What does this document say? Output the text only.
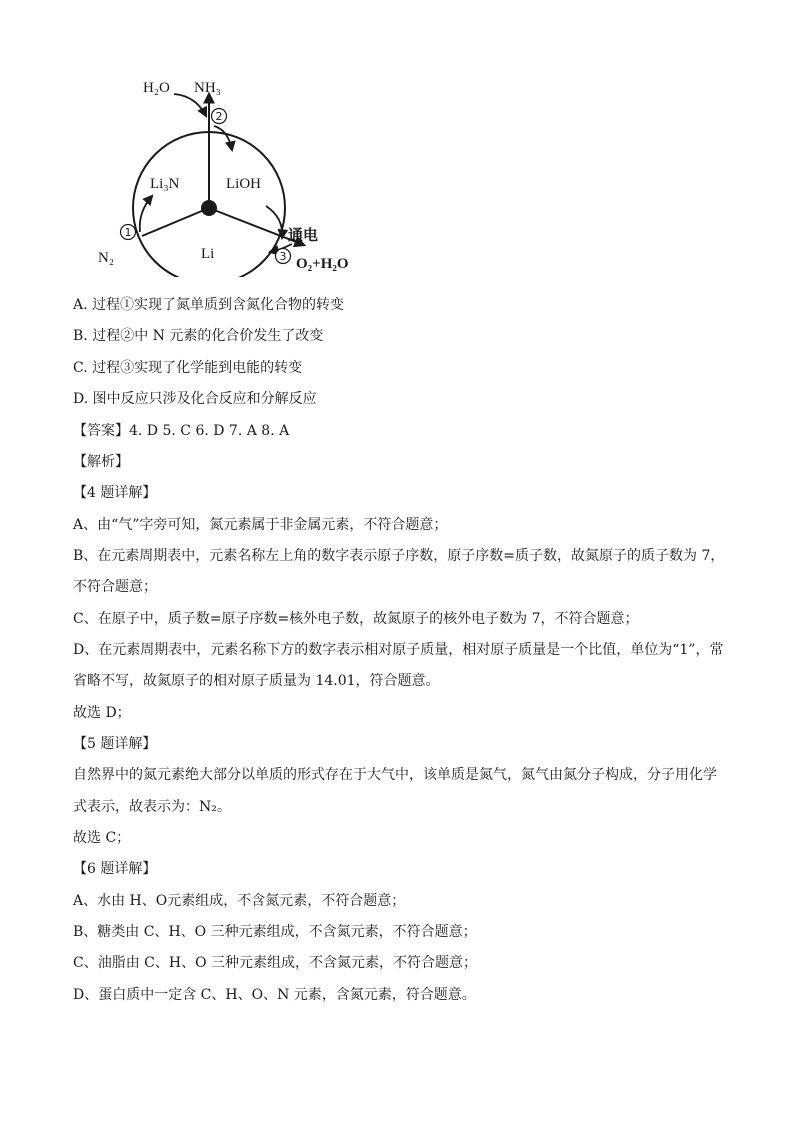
2
1
3
H₂O NH₃
Li₃N	LiOH
Li
N₂
通电
O₂+H₂O

A. 过程①实现了氮单质到含氮化合物的转变

B. 过程②中 N 元素的化合价发生了改变

C. 过程③实现了化学能到电能的转变

D. 图中反应只涉及化合反应和分解反应

【答案】4. D 5. C 6. D 7. A 8. A

【解析】

【4 题详解】

A、由“气”字旁可知，氮元素属于非金属元素，不符合题意；

B、在元素周期表中，元素名称左上角的数字表示原子序数，原子序数=质子数，故氮原子的质子数为 7，

不符合题意；

C、在原子中，质子数=原子序数=核外电子数，故氮原子的核外电子数为 7，不符合题意；

D、在元素周期表中，元素名称下方的数字表示相对原子质量，相对原子质量是一个比值，单位为“1”，常

省略不写，故氮原子的相对原子质量为 14.01，符合题意。

故选 D；

【5 题详解】

自然界中的氮元素绝大部分以单质的形式存在于大气中，该单质是氮气，氮气由氮分子构成，分子用化学

式表示，故表示为：N₂。

故选 C；

【6 题详解】

A、水由 H、O元素组成，不含氮元素，不符合题意；

B、糖类由 C、H、O 三种元素组成，不含氮元素，不符合题意；

C、油脂由 C、H、O 三种元素组成，不含氮元素，不符合题意；

D、蛋白质中一定含 C、H、O、N 元素，含氮元素，符合题意。
